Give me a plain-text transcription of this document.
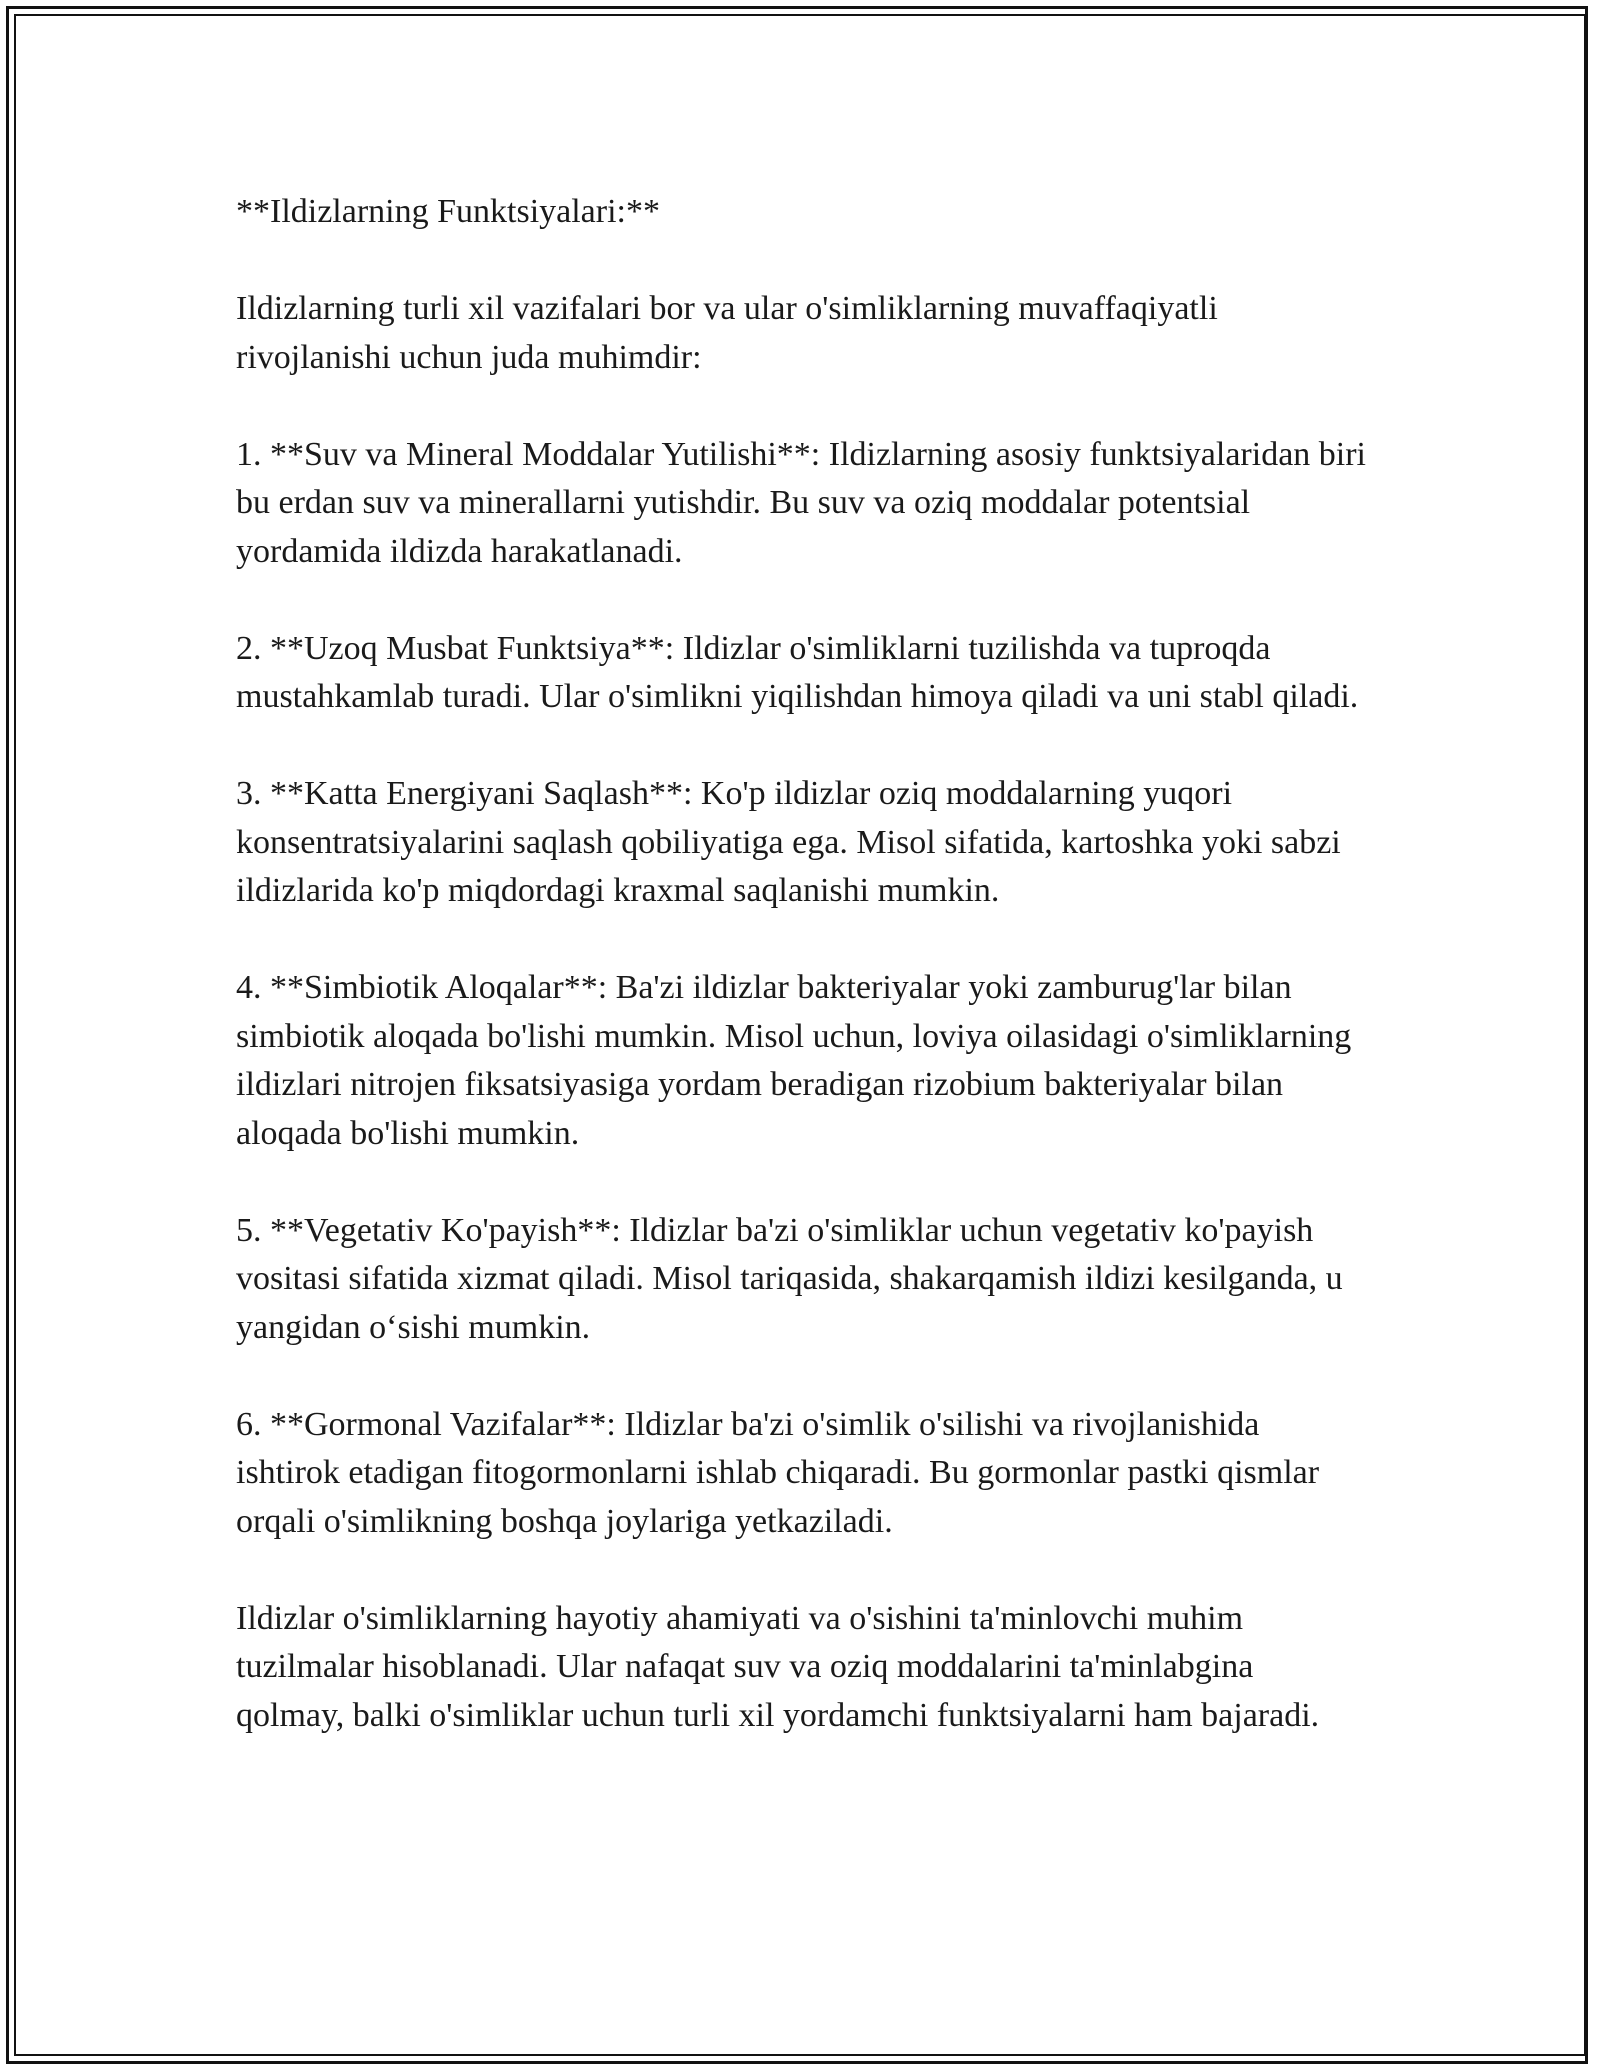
**Ildizlarning Funktsiyalari:**

Ildizlarning turli xil vazifalari bor va ular o'simliklarning muvaffaqiyatli rivojlanishi uchun juda muhimdir:

1. **Suv va Mineral Moddalar Yutilishi**: Ildizlarning asosiy funktsiyalaridan biri bu erdan suv va minerallarni yutishdir. Bu suv va oziq moddalar potentsial yordamida ildizda harakatlanadi.

2. **Uzoq Musbat Funktsiya**: Ildizlar o'simliklarni tuzilishda va tuproqda mustahkamlab turadi. Ular o'simlikni yiqilishdan himoya qiladi va uni stabl qiladi.

3. **Katta Energiyani Saqlash**: Ko'p ildizlar oziq moddalarning yuqori konsentratsiyalarini saqlash qobiliyatiga ega. Misol sifatida, kartoshka yoki sabzi ildizlarida ko'p miqdordagi kraxmal saqlanishi mumkin.

4. **Simbiotik Aloqalar**: Ba'zi ildizlar bakteriyalar yoki zamburug'lar bilan simbiotik aloqada bo'lishi mumkin. Misol uchun, loviya oilasidagi o'simliklarning ildizlari nitrojen fiksatsiyasiga yordam beradigan rizobium bakteriyalar bilan aloqada bo'lishi mumkin.

5. **Vegetativ Ko'payish**: Ildizlar ba'zi o'simliklar uchun vegetativ ko'payish vositasi sifatida xizmat qiladi. Misol tariqasida, shakarqamish ildizi kesilganda, u yangidan o‘sishi mumkin.

6. **Gormonal Vazifalar**: Ildizlar ba'zi o'simlik o'silishi va rivojlanishida ishtirok etadigan fitogormonlarni ishlab chiqaradi. Bu gormonlar pastki qismlar orqali o'simlikning boshqa joylariga yetkaziladi.

Ildizlar o'simliklarning hayotiy ahamiyati va o'sishini ta'minlovchi muhim tuzilmalar hisoblanadi. Ular nafaqat suv va oziq moddalarini ta'minlabgina qolmay, balki o'simliklar uchun turli xil yordamchi funktsiyalarni ham bajaradi.
